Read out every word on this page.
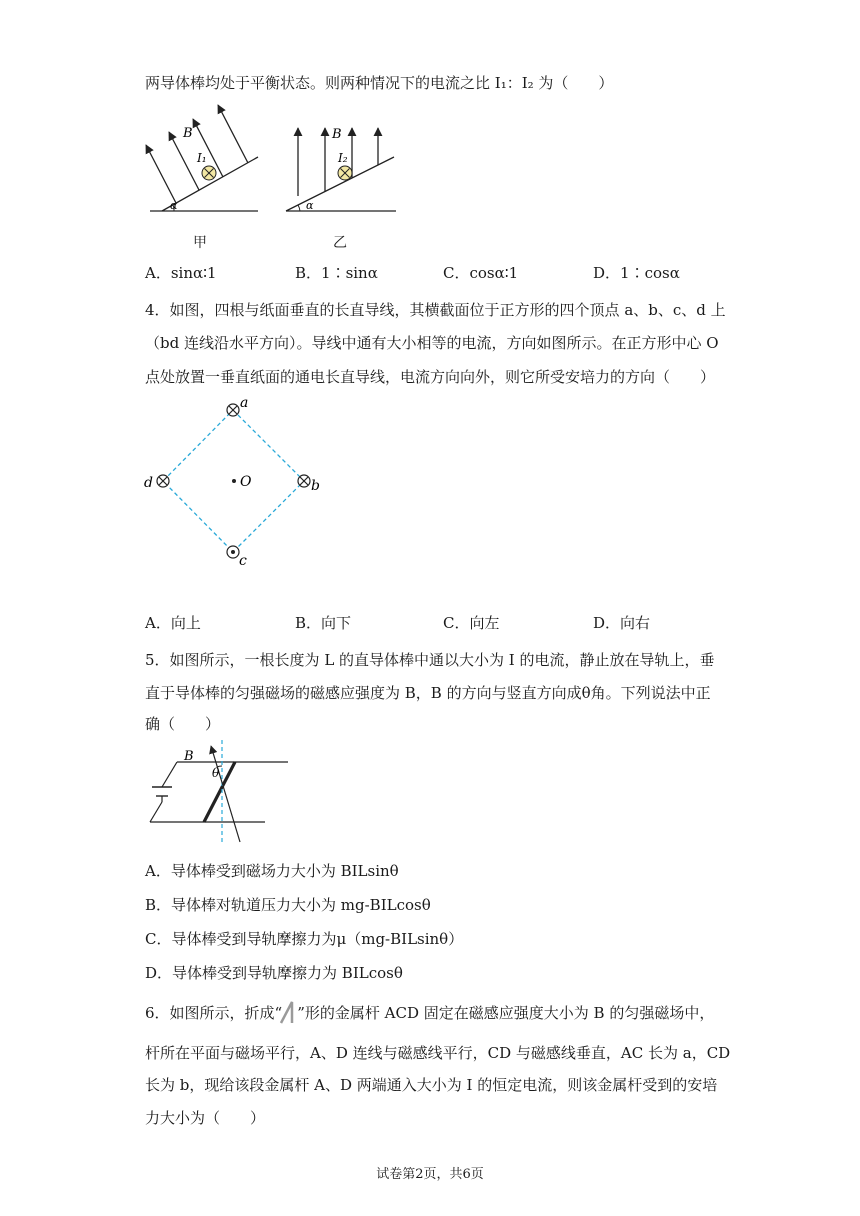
两导体棒均处于平衡状态。则两种情况下的电流之比 I₁：I₂ 为（　　）
B
I₁
α
甲
B
I₂
α
乙
A．sinα∶1	B．1∶sinα	C．cosα∶1	D．1∶cosα
4．如图，四根与纸面垂直的长直导线，其横截面位于正方形的四个顶点 a、b、c、d 上
（bd 连线沿水平方向）。导线中通有大小相等的电流，方向如图所示。在正方形中心 O
点处放置一垂直纸面的通电长直导线，电流方向向外，则它所受安培力的方向（　　）
a
b
c
d	O
A．向上	B．向下	C．向左	D．向右
5．如图所示，一根长度为 L 的直导体棒中通以大小为 I 的电流，静止放在导轨上，垂
直于导体棒的匀强磁场的磁感应强度为 B，B 的方向与竖直方向成θ角。下列说法中正
确（　　）
B
θ
A．导体棒受到磁场力大小为 BILsinθ
B．导体棒对轨道压力大小为 mg-BILcosθ
C．导体棒受到导轨摩擦力为μ（mg-BILsinθ）
D．导体棒受到导轨摩擦力为 BILcosθ
6．如图所示，折成“　”形的金属杆 ACD 固定在磁感应强度大小为 B 的匀强磁场中，
杆所在平面与磁场平行，A、D 连线与磁感线平行，CD 与磁感线垂直，AC 长为 a，CD
长为 b，现给该段金属杆 A、D 两端通入大小为 I 的恒定电流，则该金属杆受到的安培
力大小为（　　）
试卷第2页，共6页
